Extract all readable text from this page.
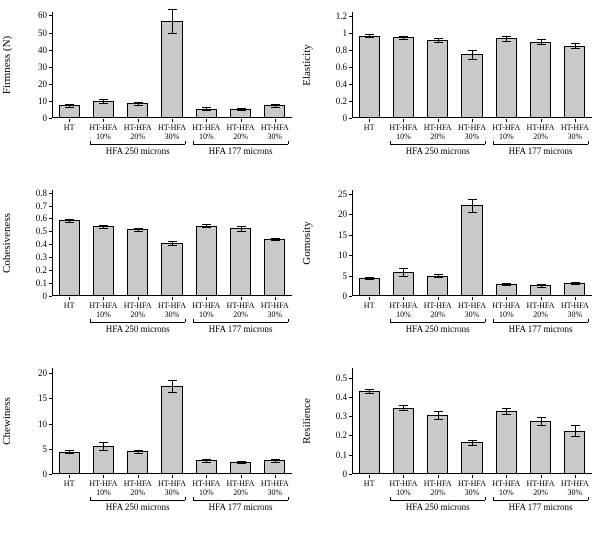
Firmness (N)
0
10
20
30
40
50
60
HT	HT-HFA
10%
HT-HFA
20%
HT-HFA
30%
HT-HFA
10%
HT-HFA
20%
HT-HFA
30%
HFA 250 microns	HFA 177 microns
Elasticity
0
0.2
0.4
0.6
0.8
1
1.2
HT	HT-HFA
10%
HT-HFA
20%
HT-HFA
30%
HT-HFA
10%
HT-HFA
20%
HT-HFA
30%
HFA 250 microns	HFA 177 microns
Cohesiveness
0
0.1
0.2
0.3
0.4
0.5
0.6
0.7
0.8
HT	HT-HFA
10%
HT-HFA
20%
HT-HFA
30%
HT-HFA
10%
HT-HFA
20%
HT-HFA
30%
HFA 250 microns	HFA 177 microns
Gomosity
0
5
10
15
20
25
HT	HT-HFA
10%
HT-HFA
20%
HT-HFA
30%
HT-HFA
10%
HT-HFA
20%
HT-HFA
30%
HFA 250 microns	HFA 177 microns
Chewiness
0
5
10
15
20
HT	HT-HFA
10%
HT-HFA
20%
HT-HFA
30%
HT-HFA
10%
HT-HFA
20%
HT-HFA
30%
HFA 250 microns	HFA 177 microns
Resilience
0
0.1
0.2
0.3
0.4
0.5
HT	HT-HFA
10%
HT-HFA
20%
HT-HFA
30%
HT-HFA
10%
HT-HFA
20%
HT-HFA
30%
HFA 250 microns	HFA 177 microns
